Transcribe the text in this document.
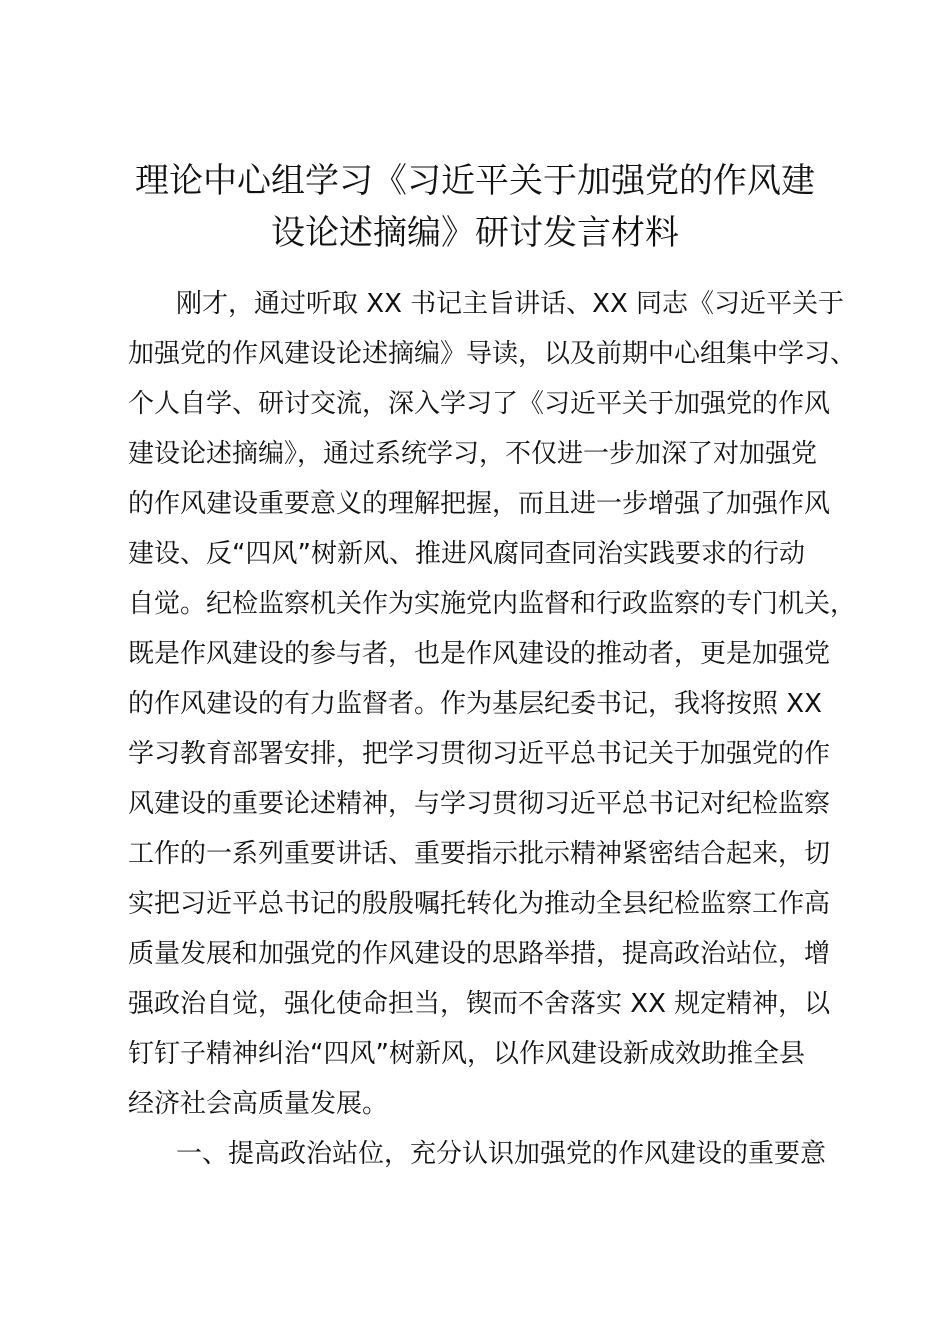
理论中心组学习《习近平关于加强党的作风建
设论述摘编》研讨发言材料
刚才，通过听取 XX 书记主旨讲话、XX 同志《习近平关于
加强党的作风建设论述摘编》导读，以及前期中心组集中学习、
个人自学、研讨交流，深入学习了《习近平关于加强党的作风
建设论述摘编》，通过系统学习，不仅进一步加深了对加强党
的作风建设重要意义的理解把握，而且进一步增强了加强作风
建设、反“四风”树新风、推进风腐同查同治实践要求的行动
自觉。纪检监察机关作为实施党内监督和行政监察的专门机关，
既是作风建设的参与者，也是作风建设的推动者，更是加强党
的作风建设的有力监督者。作为基层纪委书记，我将按照 XX
学习教育部署安排，把学习贯彻习近平总书记关于加强党的作
风建设的重要论述精神，与学习贯彻习近平总书记对纪检监察
工作的一系列重要讲话、重要指示批示精神紧密结合起来，切
实把习近平总书记的殷殷嘱托转化为推动全县纪检监察工作高
质量发展和加强党的作风建设的思路举措，提高政治站位，增
强政治自觉，强化使命担当，锲而不舍落实 XX 规定精神，以
钉钉子精神纠治“四风”树新风，以作风建设新成效助推全县
经济社会高质量发展。
一、提高政治站位，充分认识加强党的作风建设的重要意
